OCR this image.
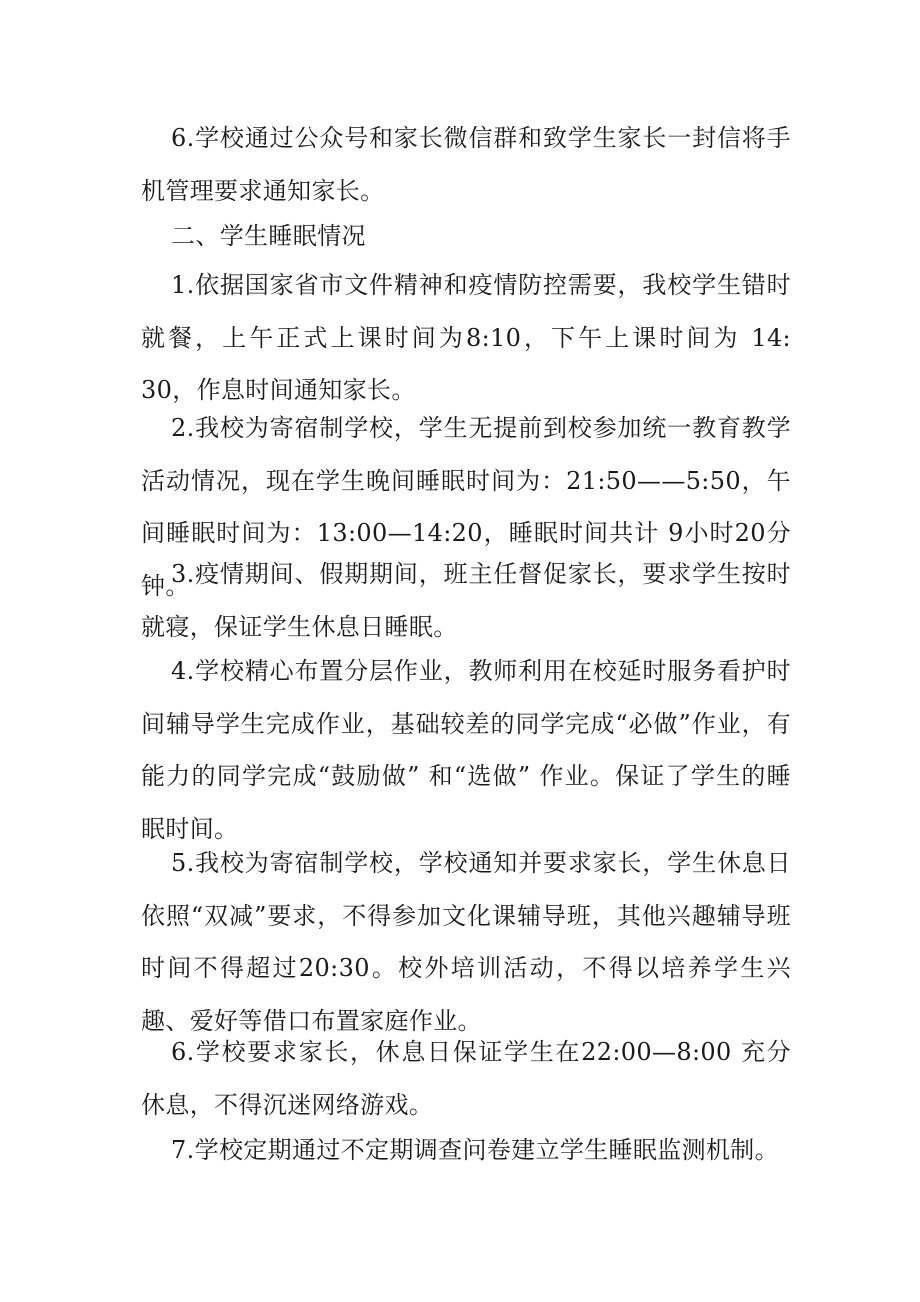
6.学校通过公众号和家长微信群和致学生家长一封信将手机管理要求通知家长。

二、学生睡眠情况

1.依据国家省市文件精神和疫情防控需要，我校学生错时就餐，上午正式上课时间为8:10，下午上课时间为 14: 30，作息时间通知家长。

2.我校为寄宿制学校，学生无提前到校参加统一教育教学活动情况，现在学生晚间睡眠时间为：21:50——5:50，午间睡眠时间为：13:00—14:20，睡眠时间共计 9小时20分钟。

3.疫情期间、假期期间，班主任督促家长，要求学生按时就寝，保证学生休息日睡眠。

4.学校精心布置分层作业，教师利用在校延时服务看护时间辅导学生完成作业，基础较差的同学完成“必做”作业，有能力的同学完成“鼓励做” 和“选做” 作业。保证了学生的睡眠时间。

5.我校为寄宿制学校，学校通知并要求家长，学生休息日依照“双减”要求，不得参加文化课辅导班，其他兴趣辅导班时间不得超过20:30。校外培训活动，不得以培养学生兴趣、爱好等借口布置家庭作业。

6.学校要求家长，休息日保证学生在22:00—8:00 充分休息，不得沉迷网络游戏。

7.学校定期通过不定期调查问卷建立学生睡眠监测机制。
